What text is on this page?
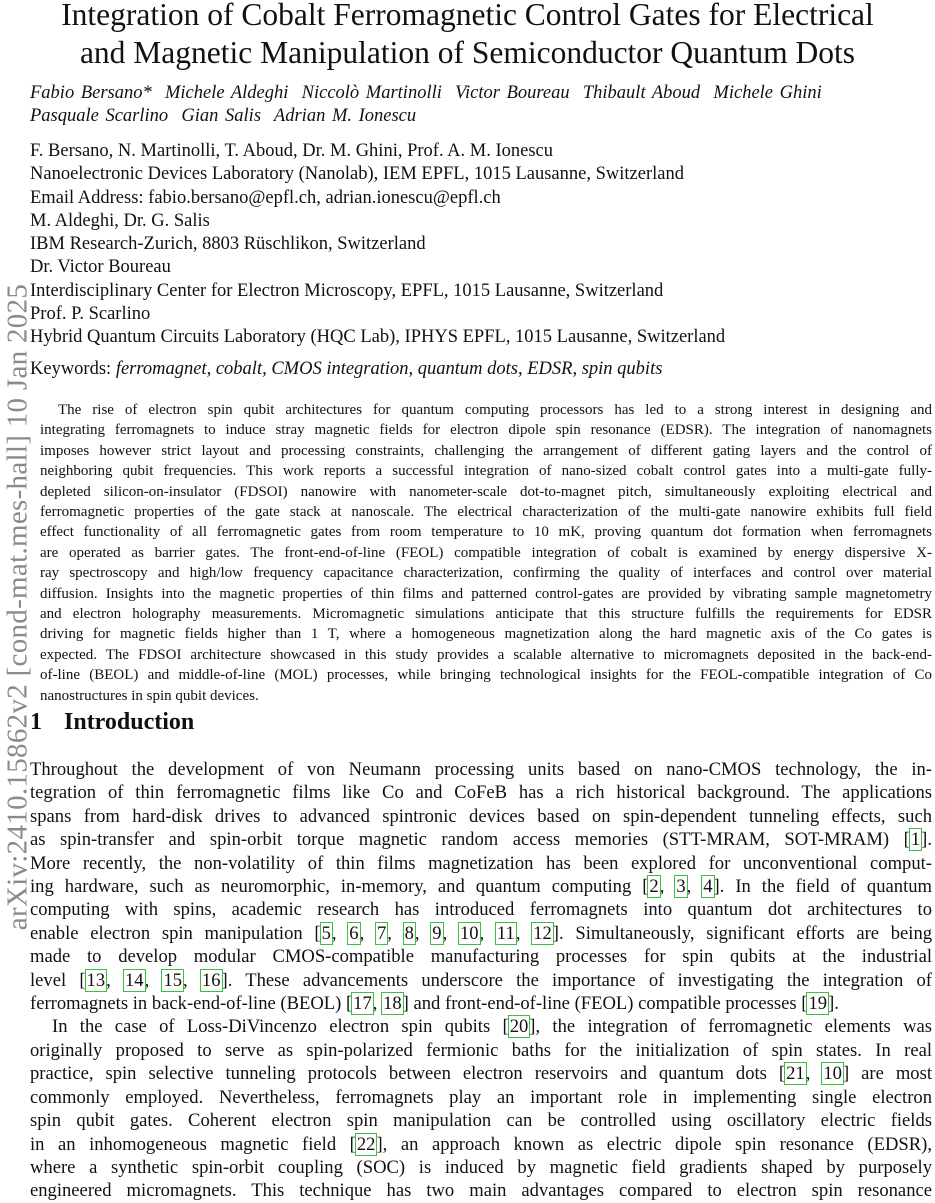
arXiv:2410.15862v2 [cond-mat.mes-hall] 10 Jan 2025
Integration of Cobalt Ferromagnetic Control Gates for Electrical
and Magnetic Manipulation of Semiconductor Quantum Dots
Fabio Bersano*  Michele Aldeghi  Niccolò Martinolli  Victor Boureau  Thibault Aboud  Michele Ghini
Pasquale Scarlino  Gian Salis  Adrian M. Ionescu
F. Bersano, N. Martinolli, T. Aboud, Dr. M. Ghini, Prof. A. M. Ionescu
Nanoelectronic Devices Laboratory (Nanolab), IEM EPFL, 1015 Lausanne, Switzerland
Email Address: fabio.bersano@epfl.ch, adrian.ionescu@epfl.ch
M. Aldeghi, Dr. G. Salis
IBM Research-Zurich, 8803 Rüschlikon, Switzerland
Dr. Victor Boureau
Interdisciplinary Center for Electron Microscopy, EPFL, 1015 Lausanne, Switzerland
Prof. P. Scarlino
Hybrid Quantum Circuits Laboratory (HQC Lab), IPHYS EPFL, 1015 Lausanne, Switzerland
Keywords: ferromagnet, cobalt, CMOS integration, quantum dots, EDSR, spin qubits
The rise of electron spin qubit architectures for quantum computing processors has led to a strong interest in designing and
integrating ferromagnets to induce stray magnetic fields for electron dipole spin resonance (EDSR). The integration of nanomagnets
imposes however strict layout and processing constraints, challenging the arrangement of different gating layers and the control of
neighboring qubit frequencies. This work reports a successful integration of nano-sized cobalt control gates into a multi-gate fully-
depleted silicon-on-insulator (FDSOI) nanowire with nanometer-scale dot-to-magnet pitch, simultaneously exploiting electrical and
ferromagnetic properties of the gate stack at nanoscale. The electrical characterization of the multi-gate nanowire exhibits full field
effect functionality of all ferromagnetic gates from room temperature to 10 mK, proving quantum dot formation when ferromagnets
are operated as barrier gates. The front-end-of-line (FEOL) compatible integration of cobalt is examined by energy dispersive X-
ray spectroscopy and high/low frequency capacitance characterization, confirming the quality of interfaces and control over material
diffusion. Insights into the magnetic properties of thin films and patterned control-gates are provided by vibrating sample magnetometry
and electron holography measurements. Micromagnetic simulations anticipate that this structure fulfills the requirements for EDSR
driving for magnetic fields higher than 1 T, where a homogeneous magnetization along the hard magnetic axis of the Co gates is
expected. The FDSOI architecture showcased in this study provides a scalable alternative to micromagnets deposited in the back-end-
of-line (BEOL) and middle-of-line (MOL) processes, while bringing technological insights for the FEOL-compatible integration of Co
nanostructures in spin qubit devices.
1 Introduction
Throughout the development of von Neumann processing units based on nano-CMOS technology, the in-
tegration of thin ferromagnetic films like Co and CoFeB has a rich historical background. The applications
spans from hard-disk drives to advanced spintronic devices based on spin-dependent tunneling effects, such
as spin-transfer and spin-orbit torque magnetic random access memories (STT-MRAM, SOT-MRAM) [1].
More recently, the non-volatility of thin films magnetization has been explored for unconventional comput-
ing hardware, such as neuromorphic, in-memory, and quantum computing [2, 3, 4]. In the field of quantum
computing with spins, academic research has introduced ferromagnets into quantum dot architectures to
enable electron spin manipulation [5, 6, 7, 8, 9, 10, 11, 12]. Simultaneously, significant efforts are being
made to develop modular CMOS-compatible manufacturing processes for spin qubits at the industrial
level [13, 14, 15, 16]. These advancements underscore the importance of investigating the integration of
ferromagnets in back-end-of-line (BEOL) [17, 18] and front-end-of-line (FEOL) compatible processes [19].
In the case of Loss-DiVincenzo electron spin qubits [20], the integration of ferromagnetic elements was
originally proposed to serve as spin-polarized fermionic baths for the initialization of spin states. In real
practice, spin selective tunneling protocols between electron reservoirs and quantum dots [21, 10] are most
commonly employed. Nevertheless, ferromagnets play an important role in implementing single electron
spin qubit gates. Coherent electron spin manipulation can be controlled using oscillatory electric fields
in an inhomogeneous magnetic field [22], an approach known as electric dipole spin resonance (EDSR),
where a synthetic spin-orbit coupling (SOC) is induced by magnetic field gradients shaped by purposely
engineered micromagnets. This technique has two main advantages compared to electron spin resonance
